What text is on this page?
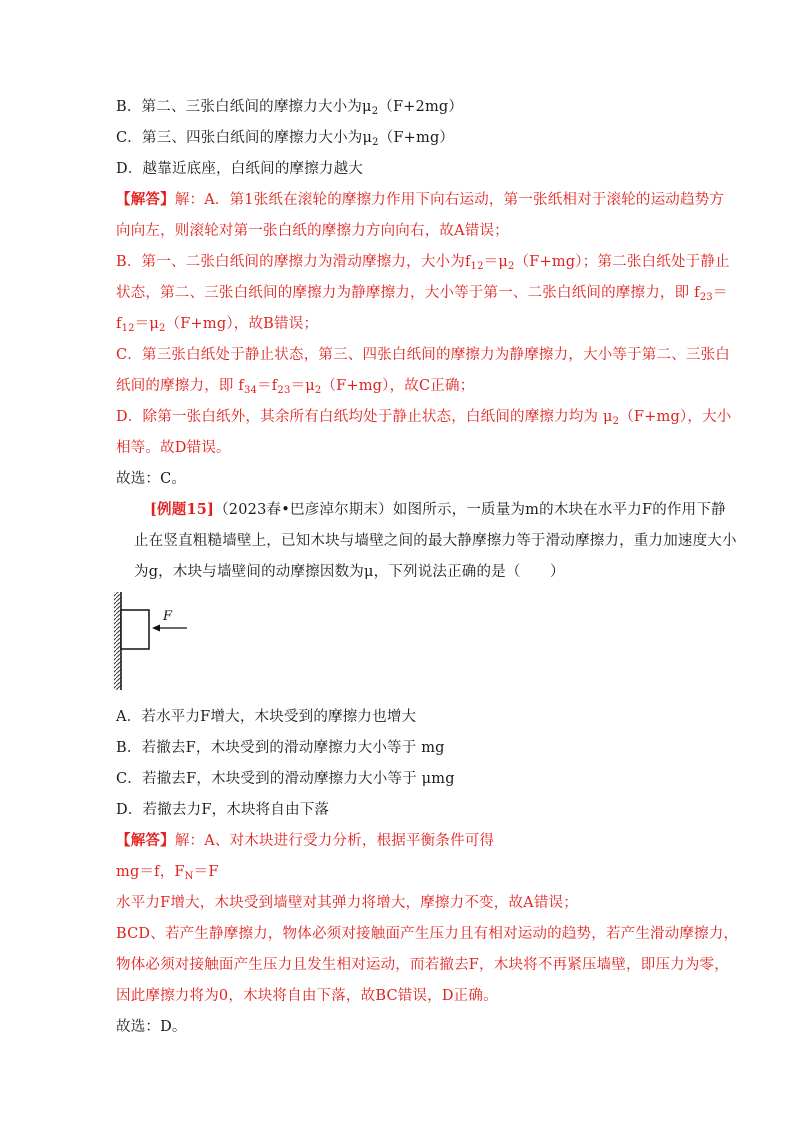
B．第二、三张白纸间的摩擦力大小为$\mu_2(F+2mg)$
C．第三、四张白纸间的摩擦力大小为$\mu_2(F+mg)$
D．越靠近底座，白纸间的摩擦力越大
【解答】解：A．第1张纸在滚轮的摩擦力作用下向右运动，第一张纸相对于滚轮的运动趋势方
向向左，则滚轮对第一张白纸的摩擦力方向向右，故A错误；
B．第一、二张白纸间的摩擦力为滑动摩擦力，大小为$f_{12}=\mu_2(F+mg)$；第二张白纸处于静止
状态，第二、三张白纸间的摩擦力为静摩擦力，大小等于第一、二张白纸间的摩擦力，即 $f_{23}=$
$f_{12}=\mu_2(F+mg)$，故B错误；
C．第三张白纸处于静止状态，第三、四张白纸间的摩擦力为静摩擦力，大小等于第二、三张白
纸间的摩擦力，即 $f_{34}=f_{23}=\mu_2(F+mg)$，故C正确；
D．除第一张白纸外，其余所有白纸均处于静止状态，白纸间的摩擦力均为 $\mu_2(F+mg)$，大小
相等。故D错误。
故选：C。
[例题15]（2023春•巴彦淖尔期末）如图所示，一质量为m的木块在水平力F的作用下静
止在竖直粗糙墙壁上，已知木块与墙壁之间的最大静摩擦力等于滑动摩擦力，重力加速度大小
为g，木块与墙壁间的动摩擦因数为μ，下列说法正确的是（　　）
F
A．若水平力F增大，木块受到的摩擦力也增大
B．若撤去F，木块受到的滑动摩擦力大小等于 mg
C．若撤去F，木块受到的滑动摩擦力大小等于 μmg
D．若撤去力F，木块将自由下落
【解答】解：A、对木块进行受力分析，根据平衡条件可得
mg＝f，$F_N=F$
水平力F增大，木块受到墙壁对其弹力将增大，摩擦力不变，故A错误；
BCD、若产生静摩擦力，物体必须对接触面产生压力且有相对运动的趋势，若产生滑动摩擦力，
物体必须对接触面产生压力且发生相对运动，而若撤去F，木块将不再紧压墙壁，即压力为零，
因此摩擦力将为0，木块将自由下落，故BC错误，D正确。
故选：D。
